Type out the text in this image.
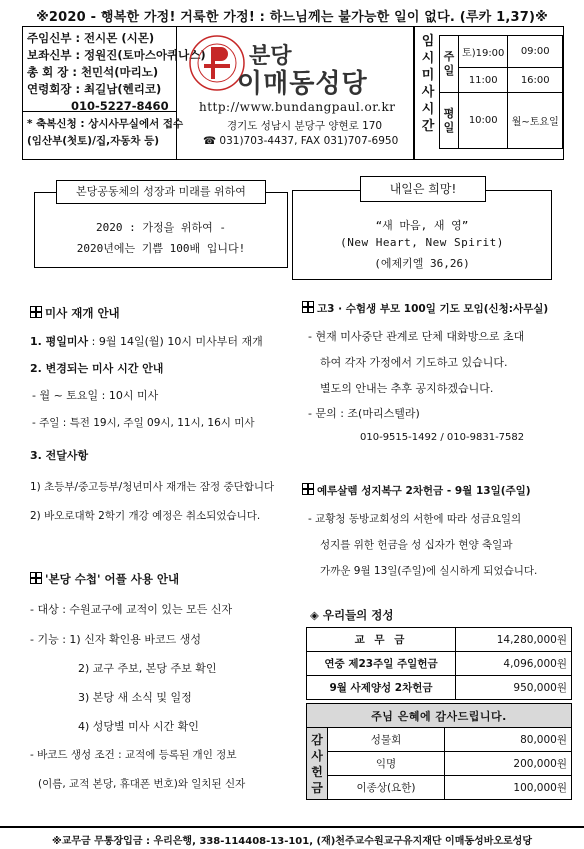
※2020 - 행복한 가정! 거룩한 가정! : 하느님께는 불가능한 일이 없다. (루카 1,37)※
주임신부 : 전시몬 (시몬)
보좌신부 : 정원진(토마스아퀴나스)
총 회 장 : 천민석(마리노)
연령회장 : 최길남(헨리코)
010-5227-8460
* 축복신청 : 상시사무실에서 접수
(임산부(첫토)/집,자동차 등)
분당
이매동성당
http://www.bundangpaul.or.kr
경기도 성남시 분당구 양현로 170
☎ 031)703-4437, FAX 031)707-6950
임시미사시간
주일	토)19:00	09:00
	11:00	16:00
평일	10:00	월~토요일
2020 : 가정을 위하여 -
2020년에는 기쁨 100배 입니다!
본당공동체의 성장과 미래를 위하여
“새 마음, 새 영”
(New Heart, New Spirit)
(에제키엘 36,26)
내일은 희망!
미사 재개 안내
1. 평일미사 : 9월 14일(월) 10시 미사부터 재개
2. 변경되는 미사 시간 안내
- 월 ~ 토요일 : 10시 미사
- 주일 : 특전 19시, 주일 09시, 11시, 16시 미사
3. 전달사항
1) 초등부/중고등부/청년미사 재개는 잠정 중단합니다
2) 바오로대학 2학기 개강 예정은 취소되었습니다.
'본당 수첩' 어플 사용 안내
- 대상 : 수원교구에 교적이 있는 모든 신자
- 기능 : 1) 신자 확인용 바코드 생성
2) 교구 주보, 본당 주보 확인
3) 본당 새 소식 및 일정
4) 성당별 미사 시간 확인
- 바코드 생성 조건 : 교적에 등록된 개인 정보
(이름, 교적 본당, 휴대폰 번호)와 일치된 신자
고3 · 수험생 부모 100일 기도 모임(신청:사무실)
- 현재 미사중단 관계로 단체 대화방으로 초대
하여 각자 가정에서 기도하고 있습니다.
별도의 안내는 추후 공지하겠습니다.
- 문의 : 조(마리스텔라)
010-9515-1492 / 010-9831-7582
예루살렘 성지복구 2차헌금 - 9월 13일(주일)
- 교황청 동방교회성의 서한에 따라 성금요일의
성지를 위한 헌금을 성 십자가 현양 축일과
가까운 9월 13일(주일)에 실시하게 되었습니다.
◈ 우리들의 정성
교 무 금	14,280,000원
연중 제23주일 주일헌금	4,096,000원
9월 사제양성 2차헌금	950,000원
주님 은혜에 감사드립니다.		
감사헌금	성물회	80,000원
	익명	200,000원
	이종상(요한)	100,000원
※교무금 무통장입금 : 우리은행, 338-114408-13-101, (재)천주교수원교구유지재단 이매동성바오로성당
